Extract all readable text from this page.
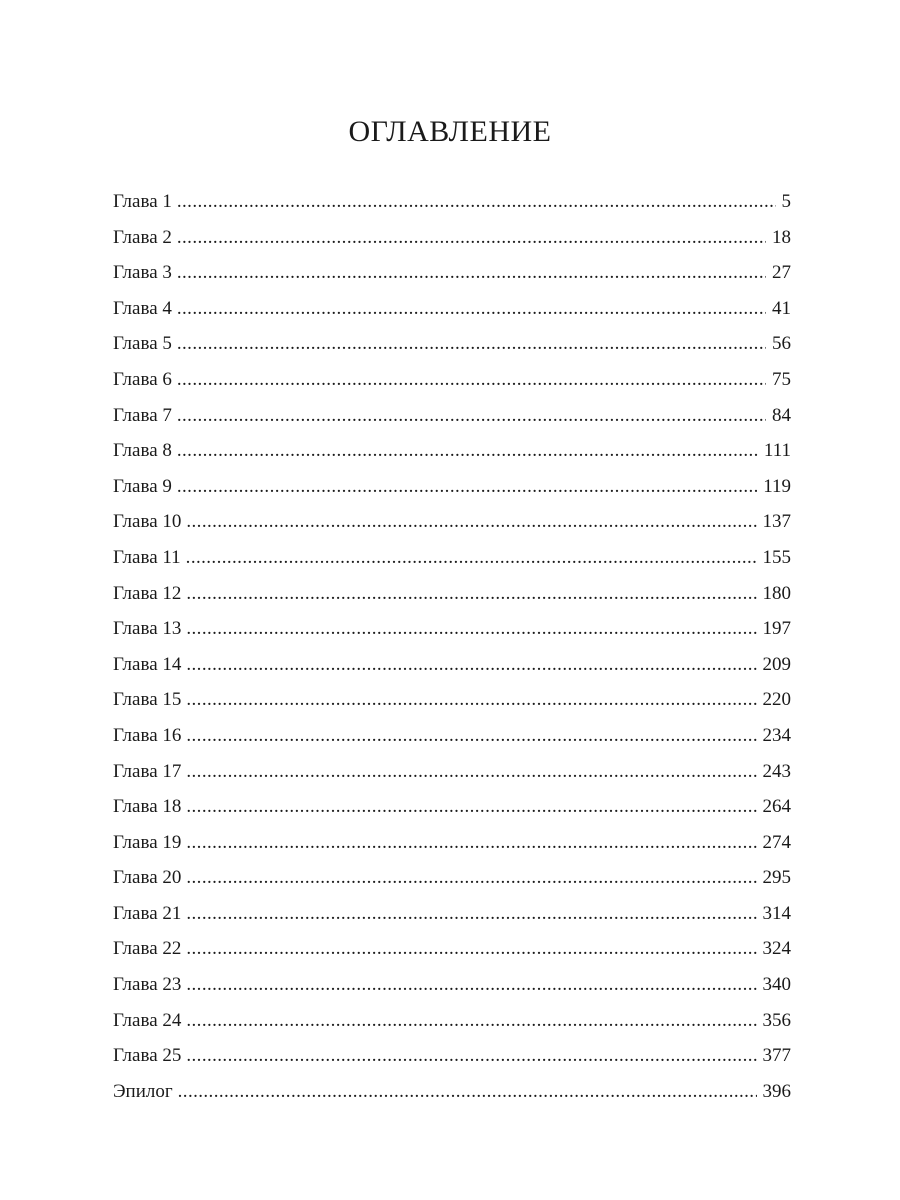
ОГЛАВЛЕНИЕ
Глава 1 .....	5
Глава 2 .....	18
Глава 3 .....	27
Глава 4 .....	41
Глава 5 .....	56
Глава 6 .....	75
Глава 7 .....	84
Глава 8 .....	111
Глава 9 .....	119
Глава 10 .....	137
Глава 11 .....	155
Глава 12 .....	180
Глава 13 .....	197
Глава 14 .....	209
Глава 15 .....	220
Глава 16 .....	234
Глава 17 .....	243
Глава 18 .....	264
Глава 19 .....	274
Глава 20 .....	295
Глава 21 .....	314
Глава 22 .....	324
Глава 23 .....	340
Глава 24 .....	356
Глава 25 .....	377
Эпилог .....	396
